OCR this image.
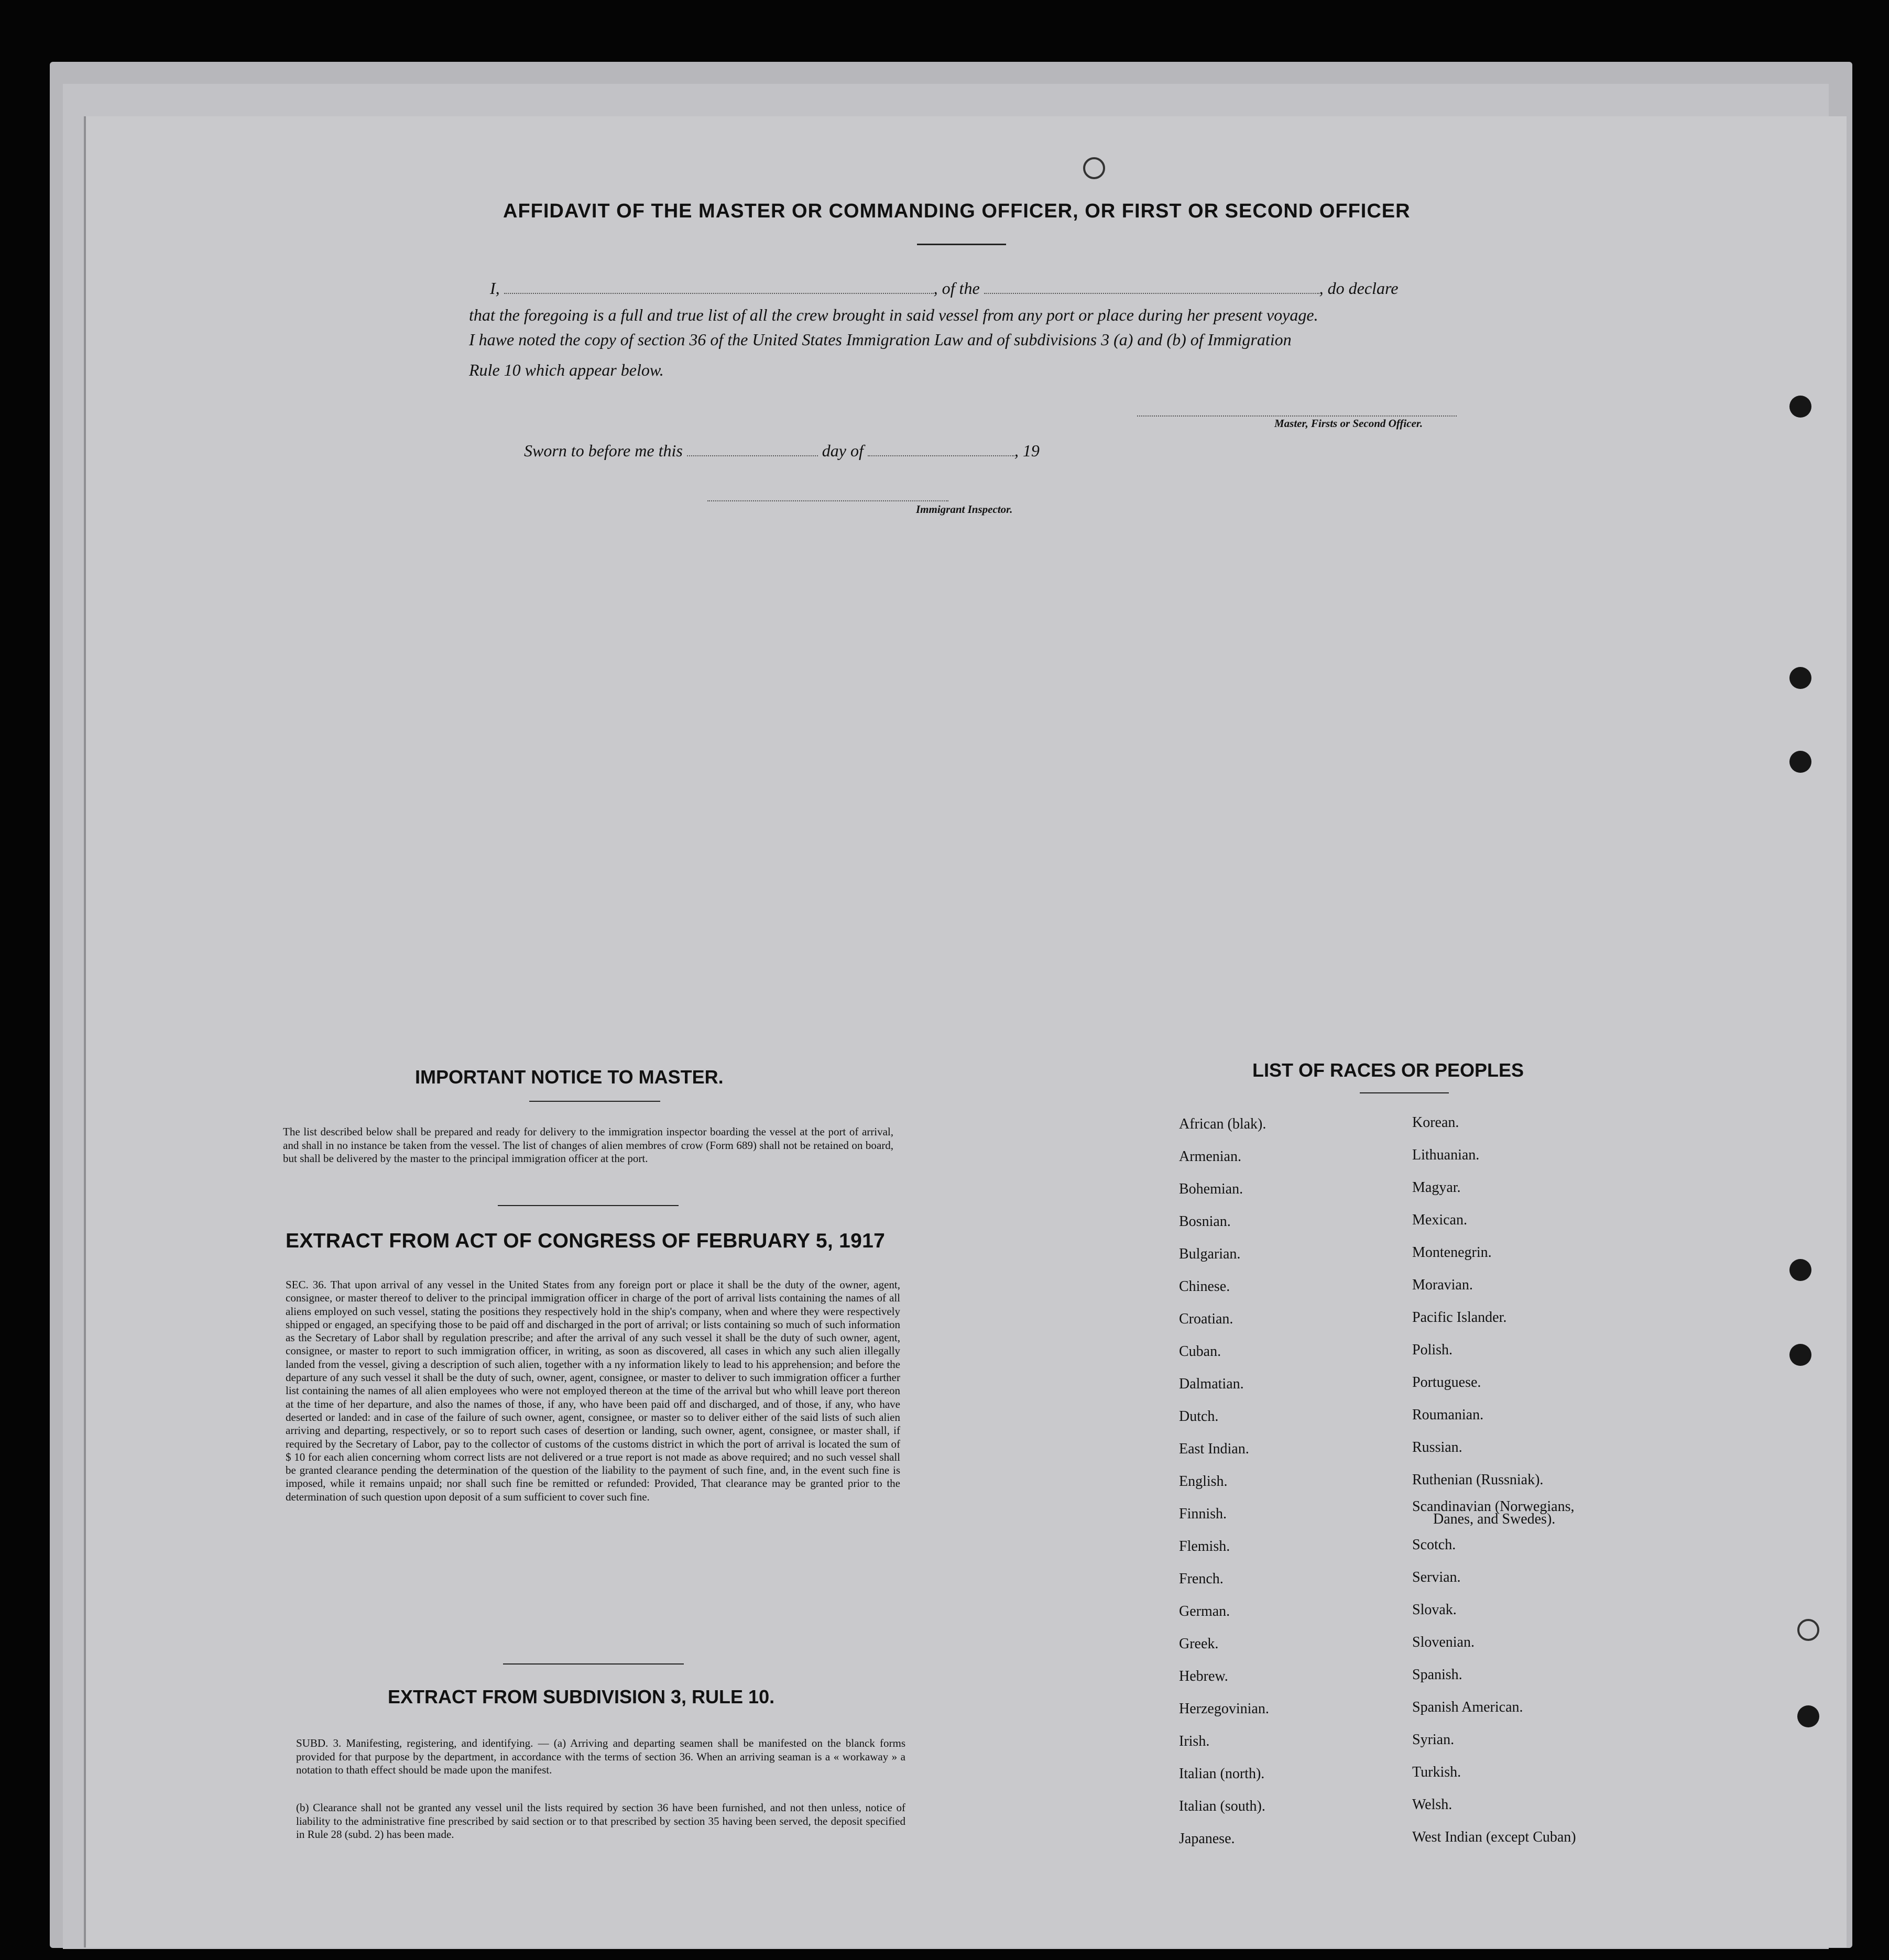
AFFIDAVIT OF THE MASTER OR COMMANDING OFFICER, OR FIRST OR SECOND OFFICER
I,	, of the	, do declare
that the foregoing is a full and true list of all the crew brought in said vessel from any port or place during her present voyage.
I hawe noted the copy of section 36 of the United States Immigration Law and of subdivisions 3 (a) and (b) of Immigration
Rule 10 which appear below.
Master, Firsts or Second Officer.
Sworn to before me this	day of	, 19
Immigrant Inspector.
IMPORTANT NOTICE TO MASTER.
The list described below shall be prepared and ready for delivery to the immigration inspector boarding the vessel at the port of arrival, and shall in no instance be taken from the vessel. The list of changes of alien membres of crow (Form 689) shall not be retained on board, but shall be delivered by the master to the principal immigration officer at the port.
EXTRACT FROM ACT OF CONGRESS OF FEBRUARY 5, 1917
SEC. 36. That upon arrival of any vessel in the United States from any foreign port or place it shall be the duty of the owner, agent, consignee, or master thereof to deliver to the principal immigration officer in charge of the port of arrival lists containing the names of all aliens employed on such vessel, stating the positions they respectively hold in the ship's company, when and where they were respectively shipped or engaged, an specifying those to be paid off and discharged in the port of arrival; or lists containing so much of such information as the Secretary of Labor shall by regulation prescribe; and after the arrival of any such vessel it shall be the duty of such owner, agent, consignee, or master to report to such immigration officer, in writing, as soon as discovered, all cases in which any such alien illegally landed from the vessel, giving a description of such alien, together with a ny information likely to lead to his apprehension; and before the departure of any such vessel it shall be the duty of such, owner, agent, consignee, or master to deliver to such immigration officer a further list containing the names of all alien employees who were not employed thereon at the time of the arrival but who whill leave port thereon at the time of her departure, and also the names of those, if any, who have been paid off and discharged, and of those, if any, who have deserted or landed: and in case of the failure of such owner, agent, consignee, or master so to deliver either of the said lists of such alien arriving and departing, respectively, or so to report such cases of desertion or landing, such owner, agent, consignee, or master shall, if required by the Secretary of Labor, pay to the collector of customs of the customs district in which the port of arrival is located the sum of $ 10 for each alien concerning whom correct lists are not delivered or a true report is not made as above required; and no such vessel shall be granted clearance pending the determination of the question of the liability to the payment of such fine, and, in the event such fine is imposed, while it remains unpaid; nor shall such fine be remitted or refunded: Provided, That clearance may be granted prior to the determination of such question upon deposit of a sum sufficient to cover such fine.
EXTRACT FROM SUBDIVISION 3, RULE 10.
SUBD. 3. Manifesting, registering, and identifying. — (a) Arriving and departing seamen shall be manifested on the blanck forms provided for that purpose by the department, in accordance with the terms of section 36. When an arriving seaman is a « workaway » a notation to thath effect should be made upon the manifest.
(b) Clearance shall not be granted any vessel unil the lists required by section 36 have been furnished, and not then unless, notice of liability to the administrative fine prescribed by said section or to that prescribed by section 35 having been served, the deposit specified in Rule 28 (subd. 2) has been made.
LIST OF RACES OR PEOPLES
African (blak).
Armenian.
Bohemian.
Bosnian.
Bulgarian.
Chinese.
Croatian.
Cuban.
Dalmatian.
Dutch.
East Indian.
English.
Finnish.
Flemish.
French.
German.
Greek.
Hebrew.
Herzegovinian.
Irish.
Italian (north).
Italian (south).
Japanese.
Korean.
Lithuanian.
Magyar.
Mexican.
Montenegrin.
Moravian.
Pacific Islander.
Polish.
Portuguese.
Roumanian.
Russian.
Ruthenian (Russniak).
Scandinavian (Norwegians,
Danes, and Swedes).
Scotch.
Servian.
Slovak.
Slovenian.
Spanish.
Spanish American.
Syrian.
Turkish.
Welsh.
West Indian (except Cuban)
